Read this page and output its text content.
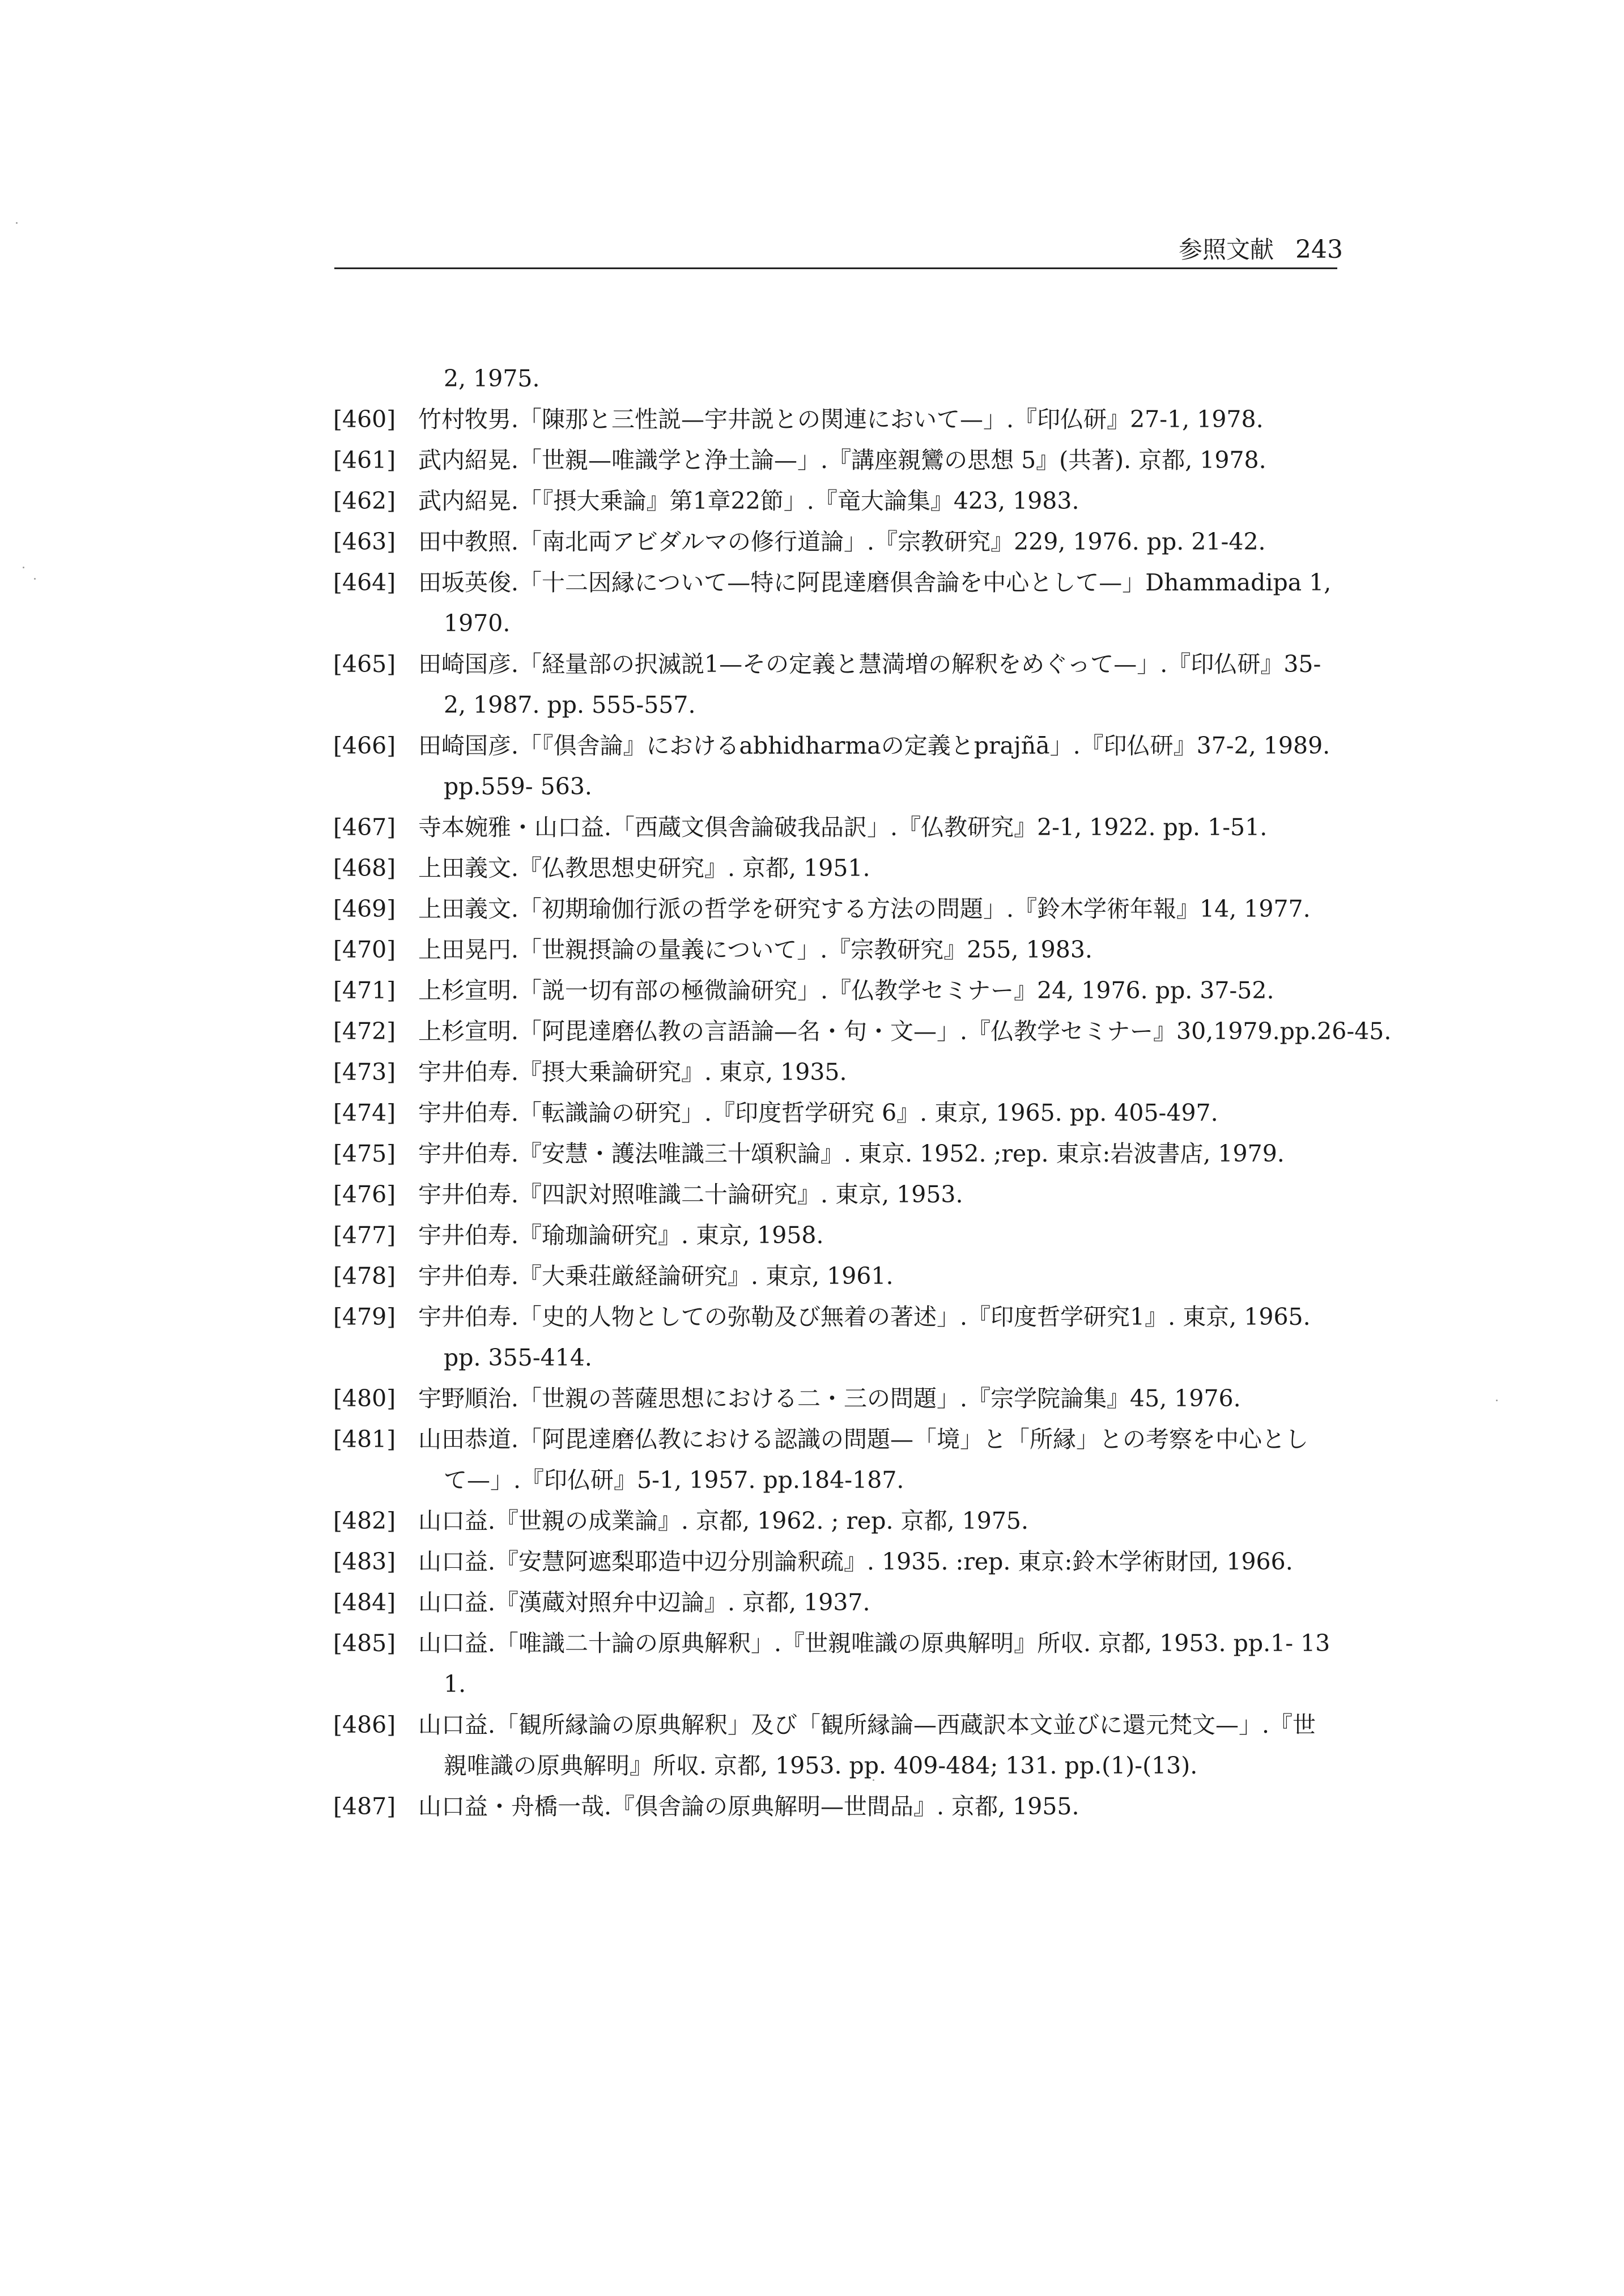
参照文献 243
2, 1975.
[460] 竹村牧男.「陳那と三性説—宇井説との関連において—」.『印仏研』27-1, 1978.
[461] 武内紹晃.「世親—唯識学と浄土論—」.『講座親鸞の思想 5』(共著). 京都, 1978.
[462] 武内紹晃.「『摂大乗論』第1章22節」.『竜大論集』423, 1983.
[463] 田中教照.「南北両アビダルマの修行道論」.『宗教研究』229, 1976. pp. 21-42.
[464] 田坂英俊.「十二因縁について—特に阿毘達磨倶舎論を中心として—」Dhammadipa 1,
1970.
[465] 田崎国彦.「経量部の択滅説1—その定義と慧満増の解釈をめぐって—」.『印仏研』35-
2, 1987. pp. 555-557.
[466] 田崎国彦.「『倶舎論』におけるabhidharmaの定義とprajñā」.『印仏研』37-2, 1989.
pp.559- 563.
[467] 寺本婉雅・山口益.「西蔵文倶舎論破我品訳」.『仏教研究』2-1, 1922. pp. 1-51.
[468] 上田義文.『仏教思想史研究』. 京都, 1951.
[469] 上田義文.「初期瑜伽行派の哲学を研究する方法の問題」.『鈴木学術年報』14, 1977.
[470] 上田晃円.「世親摂論の量義について」.『宗教研究』255, 1983.
[471] 上杉宣明.「説一切有部の極微論研究」.『仏教学セミナー』24, 1976. pp. 37-52.
[472] 上杉宣明.「阿毘達磨仏教の言語論—名・句・文—」.『仏教学セミナー』30,1979.pp.26-45.
[473] 宇井伯寿.『摂大乗論研究』. 東京, 1935.
[474] 宇井伯寿.「転識論の研究」.『印度哲学研究 6』. 東京, 1965. pp. 405-497.
[475] 宇井伯寿.『安慧・護法唯識三十頌釈論』. 東京. 1952. ;rep. 東京:岩波書店, 1979.
[476] 宇井伯寿.『四訳対照唯識二十論研究』. 東京, 1953.
[477] 宇井伯寿.『瑜珈論研究』. 東京, 1958.
[478] 宇井伯寿.『大乗荘厳経論研究』. 東京, 1961.
[479] 宇井伯寿.「史的人物としての弥勒及び無着の著述」.『印度哲学研究1』. 東京, 1965.
pp. 355-414.
[480] 宇野順治.「世親の菩薩思想における二・三の問題」.『宗学院論集』45, 1976.
[481] 山田恭道.「阿毘達磨仏教における認識の問題—「境」と「所縁」との考察を中心とし
て—」.『印仏研』5-1, 1957. pp.184-187.
[482] 山口益.『世親の成業論』. 京都, 1962. ; rep. 京都, 1975.
[483] 山口益.『安慧阿遮梨耶造中辺分別論釈疏』. 1935. :rep. 東京:鈴木学術財団, 1966.
[484] 山口益.『漢蔵対照弁中辺論』. 京都, 1937.
[485] 山口益.「唯識二十論の原典解釈」.『世親唯識の原典解明』所収. 京都, 1953. pp.1- 13
1.
[486] 山口益.「観所縁論の原典解釈」及び「観所縁論—西蔵訳本文並びに還元梵文—」.『世
親唯識の原典解明』所収. 京都, 1953. pp. 409-484; 131. pp.(1)-(13).
[487] 山口益・舟橋一哉.『倶舎論の原典解明—世間品』. 京都, 1955.
